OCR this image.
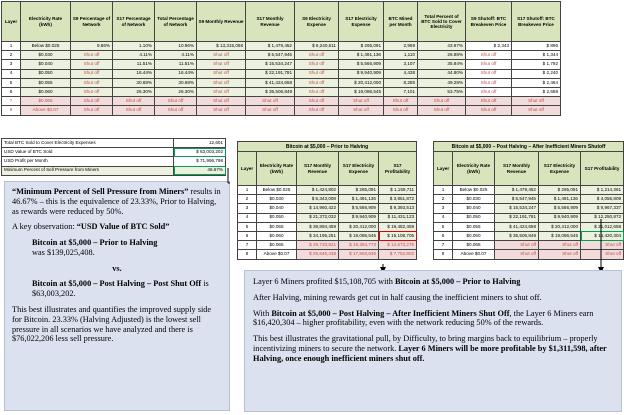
Layer	Electricity Rate (kWh)	S9 Percentage of Network	S17 Percentage of Network	Total Percentage of Network	S9 Monthly Revenue	S17 Monthly Revenue	S9 Electricity Expense	S17 Electricity Expense	BTC Mined per Month	Total Percent of BTC Sold to Cover Electricity	S9 Shutoff: BTC Breakeven Price	S17 Shutoff: BTC Breakeven Price
1	Below $0.025	9.86%	1.10%	10.96%	$ 13,315,068	$ 1,479,452	$ 6,240,611	$ 265,091	2,959	43.97%	$ 2,343	$ 896
2	$0.030	Shut off	4.11%	4.11%	Shut off	$ 5,547,945	Shut off	$ 1,491,136	1,110	26.88%	Shut off	$ 1,344
3	$0.040	Shut off	11.51%	11.51%	Shut off	$ 15,534,247	Shut off	$ 5,566,909	3,107	35.84%	Shut off	$ 1,792
4	$0.050	Shut off	16.44%	16.44%	Shut off	$ 22,191,781	Shut off	$ 9,940,909	4,438	44.80%	Shut off	$ 2,240
5	$0.055	Shut off	30.68%	30.68%	Shut off	$ 41,424,658	Shut off	$ 20,412,000	8,285	49.28%	Shut off	$ 2,464
6	$0.060	Shut off	26.30%	26.30%	Shut off	$ 35,506,849	Shut off	$ 19,086,545	7,101	53.75%	Shut off	$ 2,688
7	$0.065	Shut off	Shut off	Shut off	Shut off	Shut off	Shut off	Shut off	Shut off	Shut off	Shut off	Shut off
8	Above $0.07	Shut off	Shut off	Shut off	Shut off	Shut off	Shut off	Shut off	Shut off	Shut off	Shut off	Shut off
Total BTC Sold to Cover Electricity Expenses	12,601
USD Value of BTC Sold	$ 63,003,202
USD Profit per Month	$ 71,996,798
Minimum Percent of Sell Pressure from Miners	46.67%

“Minimum Percent of Sell Pressure from Miners” results in 46.67% – this is the equivalence of 23.33%, Prior to Halving, as rewards were reduced by 50%.

A key observation: “USD Value of BTC Sold”

Bitcoin at $5,000 – Prior to Halving
was $139,025,408.

vs.

Bitcoin at $5,000 – Post Halving – Post Shut Off is $63,003,202.

This best illustrates and quantifies the improved supply side for Bitcoin. 23.33% (Halving Adjusted) is the lowest sell pressure in all scenarios we have analyzed and there is $76,022,206 less sell pressure.

Bitcoin at $5,000 – Prior to Halving				
Layer	Electricity Rate (kWh)	S17 Monthly Revenue	S17 Electricity Expense	S17 Profitability
1	Below $0.025	$ 1,424,802	$ 265,091	$ 1,159,711
2	$0.030	$ 5,343,008	$ 1,491,136	$ 3,851,872
3	$0.040	$ 14,960,422	$ 5,566,909	$ 9,393,513
4	$0.050	$ 21,372,032	$ 9,940,909	$ 11,431,123
5	$0.055	$ 39,894,459	$ 20,412,000	$ 19,482,459
6	$0.060	$ 34,195,251	$ 19,086,545	$ 15,108,705
7	$0.065	$ 29,733,821	$ 18,384,773	$ 12,673,275
8	Above $0.07	$ 25,646,438	$ 17,893,636	$ 7,752,802
Bitcoin at $5,000 – Post Halving – After Inefficient Miners Shutoff				
Layer	Electricity Rate (kWh)	S17 Monthly Revenue	S17 Electricity Expense	S17 Profitability
1	Below $0.025	$ 1,479,452	$ 265,091	$ 1,214,361
2	$0.030	$ 5,547,945	$ 1,491,136	$ 4,056,809
3	$0.040	$ 15,534,247	$ 5,566,909	$ 9,967,337
4	$0.050	$ 22,191,781	$ 9,940,909	$ 12,250,872
5	$0.055	$ 41,424,658	$ 20,412,000	$ 21,012,658
6	$0.060	$ 35,506,849	$ 19,086,545	$ 16,420,304
7	$0.065	Shut off	Shut off	Shut off
8	Above $0.07	Shut off	Shut off	Shut off

Layer 6 Miners profited $15,108,705 with Bitcoin at $5,000 – Prior to Halving

After Halving, mining rewards get cut in half causing the inefficient miners to shut off.

With Bitcoin at $5,000 – Post Halving – After Inefficient Miners Shut Off, the Layer 6 Miners earn $16,420,304 – higher profitability, even with the network reducing 50% of the rewards.

This best illustrates the gravitational pull, by Difficulty, to bring margins back to equilibrium – properly incentivizing miners to secure the network. Layer 6 Miners will be more profitable by $1,311,598, after Halving, once enough inefficient miners shut off.
